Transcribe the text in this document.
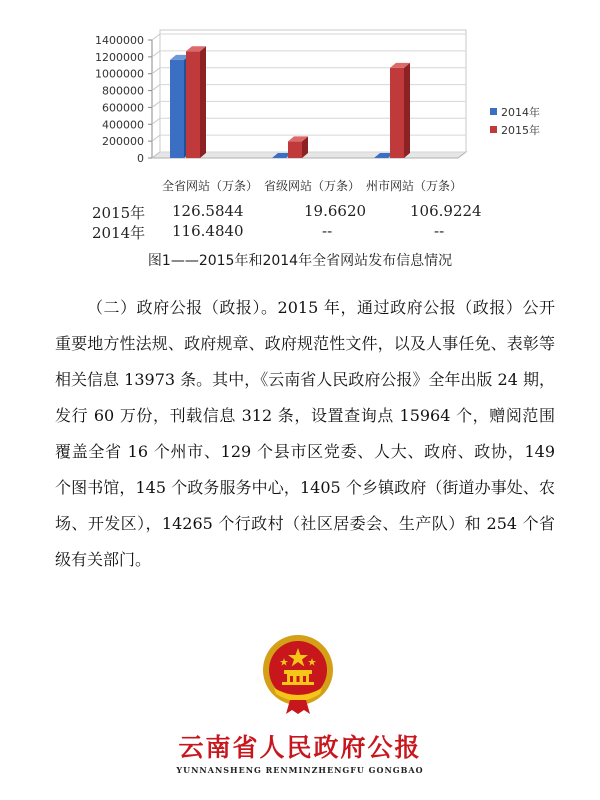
0
200000
400000
600000
800000
1000000
1200000
1400000
全省网站（万条） 省级网站（万条） 州市网站（万条）
2014年
2015年
2015年 126.5844	19.6620	106.9224
2014年 116.4840	--	--
图1——2015年和2014年全省网站发布信息情况

（二）政府公报（政报）。2015 年，通过政府公报（政报）公开重要地方性法规、政府规章、政府规范性文件，以及人事任免、表彰等相关信息 13973 条。其中，《云南省人民政府公报》全年出版 24 期，发行 60 万份，刊载信息 312 条，设置查询点 15964 个，赠阅范围覆盖全省 16 个州市、129 个县市区党委、人大、政府、政协，149 个图书馆，145 个政务服务中心，1405 个乡镇政府（街道办事处、农场、开发区），14265 个行政村（社区居委会、生产队）和 254 个省级有关部门。

云南省人民政府公报
YUNNANSHENG RENMINZHENGFU GONGBAO
